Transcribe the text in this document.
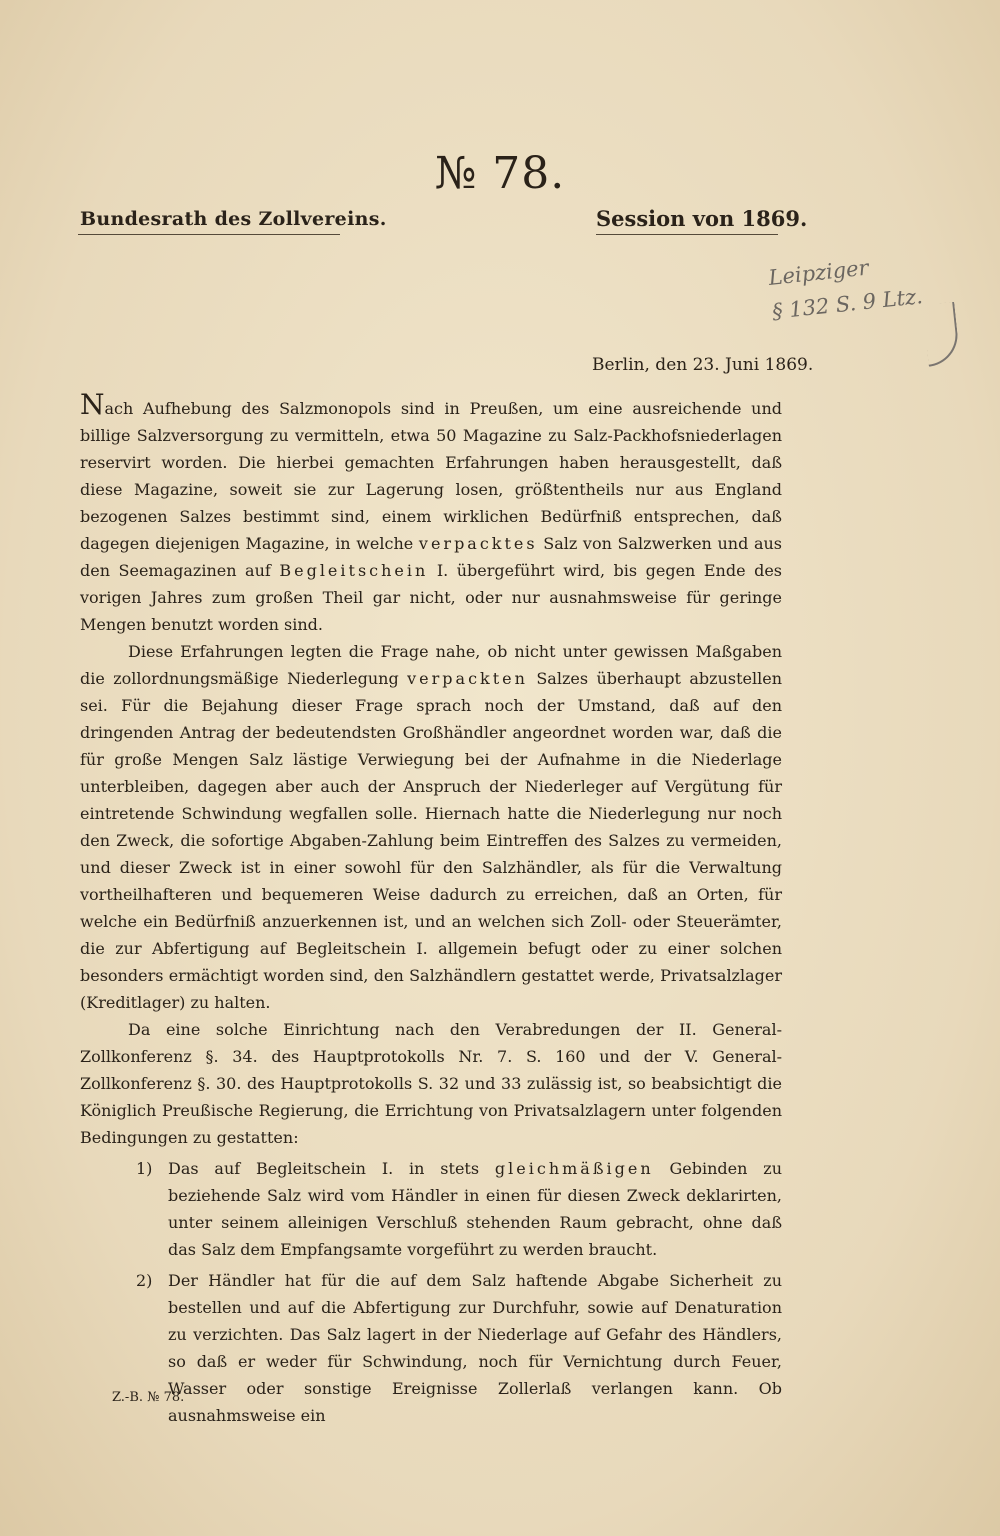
№ 78.
Bundesrath des Zollvereins.	Session von 1869.
Leipziger
§ 132 S. 9 Ltz.
Berlin, den 23. Juni 1869.

Nach Aufhebung des Salzmonopols sind in Preußen, um eine ausreichende und billige Salzversorgung zu vermitteln, etwa 50 Magazine zu Salz-Packhofsniederlagen reservirt worden. Die hierbei gemachten Erfahrungen haben herausgestellt, daß diese Magazine, soweit sie zur Lagerung losen, größtentheils nur aus England bezogenen Salzes bestimmt sind, einem wirklichen Bedürfniß entsprechen, daß dagegen diejenigen Magazine, in welche verpacktes Salz von Salzwerken und aus den Seemagazinen auf Begleitschein I. übergeführt wird, bis gegen Ende des vorigen Jahres zum großen Theil gar nicht, oder nur ausnahmsweise für geringe Mengen benutzt worden sind.

Diese Erfahrungen legten die Frage nahe, ob nicht unter gewissen Maßgaben die zollordnungsmäßige Niederlegung verpackten Salzes überhaupt abzustellen sei. Für die Bejahung dieser Frage sprach noch der Umstand, daß auf den dringenden Antrag der bedeutendsten Großhändler angeordnet worden war, daß die für große Mengen Salz lästige Verwiegung bei der Aufnahme in die Niederlage unterbleiben, dagegen aber auch der Anspruch der Niederleger auf Vergütung für eintretende Schwindung wegfallen solle. Hiernach hatte die Niederlegung nur noch den Zweck, die sofortige Abgaben-Zahlung beim Eintreffen des Salzes zu vermeiden, und dieser Zweck ist in einer sowohl für den Salzhändler, als für die Verwaltung vortheilhafteren und bequemeren Weise dadurch zu erreichen, daß an Orten, für welche ein Bedürfniß anzuerkennen ist, und an welchen sich Zoll- oder Steuerämter, die zur Abfertigung auf Begleitschein I. allgemein befugt oder zu einer solchen besonders ermächtigt worden sind, den Salzhändlern gestattet werde, Privatsalzlager (Kreditlager) zu halten.

Da eine solche Einrichtung nach den Verabredungen der II. General-Zollkonferenz §. 34. des Hauptprotokolls Nr. 7. S. 160 und der V. General-Zollkonferenz §. 30. des Hauptprotokolls S. 32 und 33 zulässig ist, so beabsichtigt die Königlich Preußische Regierung, die Errichtung von Privatsalzlagern unter folgenden Bedingungen zu gestatten:

1) Das auf Begleitschein I. in stets gleichmäßigen Gebinden zu beziehende Salz wird vom Händler in einen für diesen Zweck deklarirten, unter seinem alleinigen Verschluß stehenden Raum gebracht, ohne daß das Salz dem Empfangsamte vorgeführt zu werden braucht.

2) Der Händler hat für die auf dem Salz haftende Abgabe Sicherheit zu bestellen und auf die Abfertigung zur Durchfuhr, sowie auf Denaturation zu verzichten. Das Salz lagert in der Niederlage auf Gefahr des Händlers, so daß er weder für Schwindung, noch für Vernichtung durch Feuer, Wasser oder sonstige Ereignisse Zollerlaß verlangen kann. Ob ausnahmsweise ein

Z.-B. № 78.
